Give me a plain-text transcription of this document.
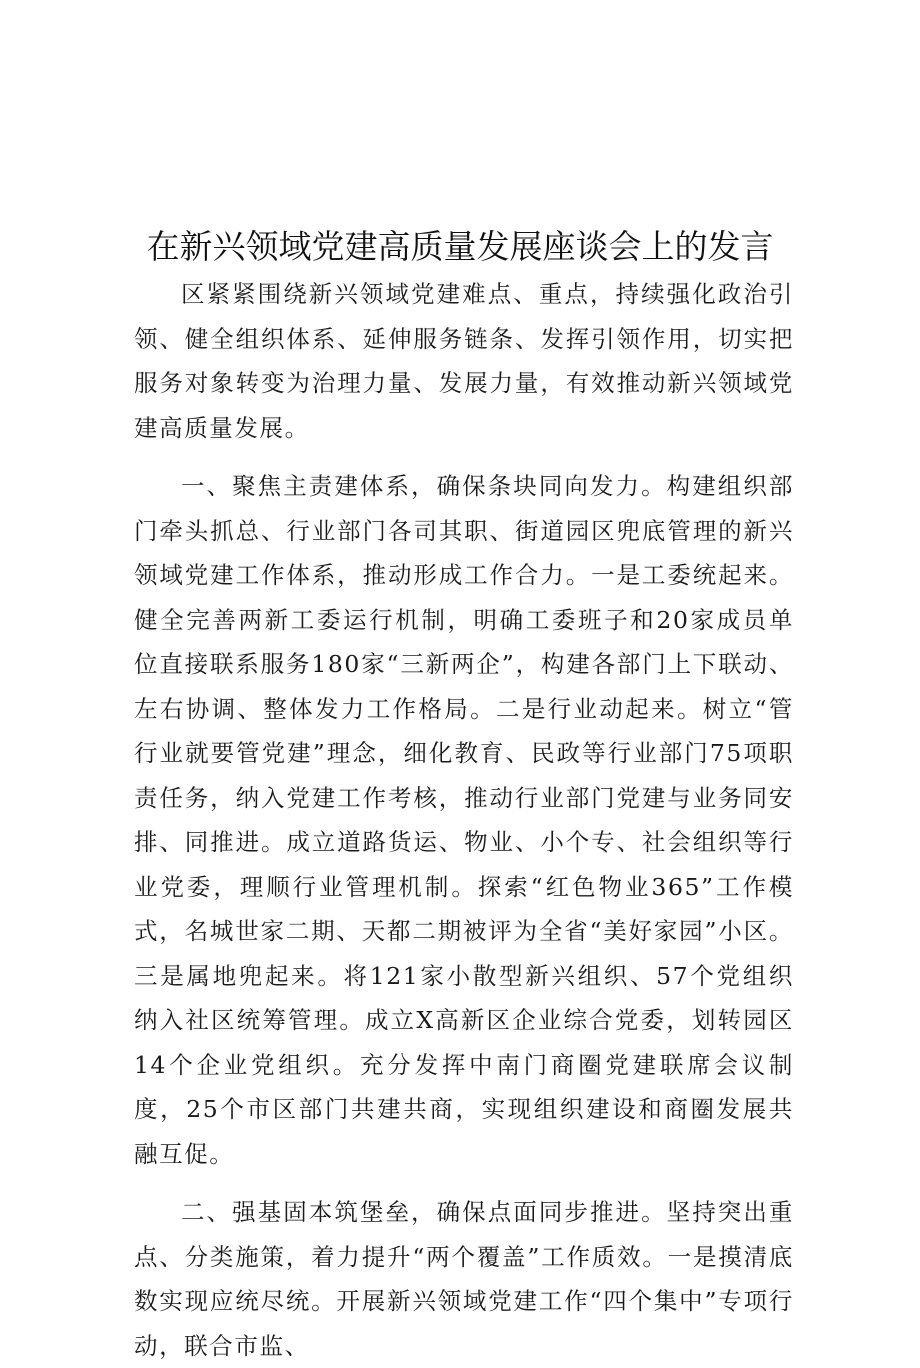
在新兴领域党建高质量发展座谈会上的发言

区紧紧围绕新兴领域党建难点、重点，持续强化政治引领、健全组织体系、延伸服务链条、发挥引领作用，切实把服务对象转变为治理力量、发展力量，有效推动新兴领域党建高质量发展。

一、聚焦主责建体系，确保条块同向发力。构建组织部门牵头抓总、行业部门各司其职、街道园区兜底管理的新兴领域党建工作体系，推动形成工作合力。一是工委统起来。健全完善两新工委运行机制，明确工委班子和20家成员单位直接联系服务180家“三新两企”，构建各部门上下联动、左右协调、整体发力工作格局。二是行业动起来。树立“管行业就要管党建”理念，细化教育、民政等行业部门75项职责任务，纳入党建工作考核，推动行业部门党建与业务同安排、同推进。成立道路货运、物业、小个专、社会组织等行业党委，理顺行业管理机制。探索“红色物业365”工作模式，名城世家二期、天都二期被评为全省“美好家园”小区。三是属地兜起来。将121家小散型新兴组织、57个党组织纳入社区统筹管理。成立X高新区企业综合党委，划转园区14个企业党组织。充分发挥中南门商圈党建联席会议制度，25个市区部门共建共商，实现组织建设和商圈发展共融互促。

二、强基固本筑堡垒，确保点面同步推进。坚持突出重点、分类施策，着力提升“两个覆盖”工作质效。一是摸清底数实现应统尽统。开展新兴领域党建工作“四个集中”专项行动，联合市监、
